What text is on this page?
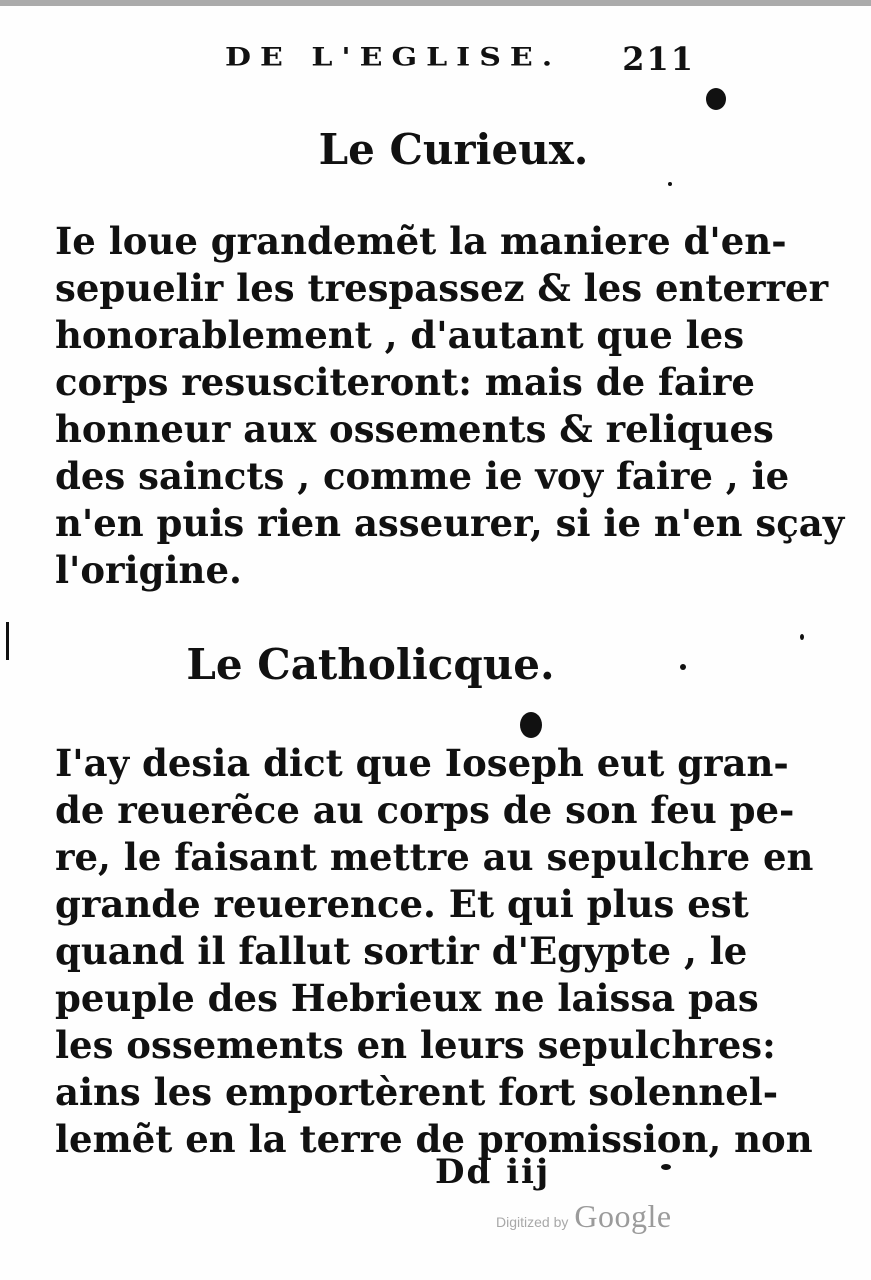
DE L'EGLISE. 211
Le Curieux.
Ie loue grandemẽt la maniere d'en-
sepuelir les trespassez & les enterrer
honorablement , d'autant que les
corps resusciteront: mais de faire
honneur aux ossements & reliques
des saincts , comme ie voy faire , ie
n'en puis rien asseurer, si ie n'en sçay
l'origine.
Le Catholicque.
I'ay desia dict que Ioseph eut gran-
de reuerẽce au corps de son feu pe-
re, le faisant mettre au sepulchre en
grande reuerence. Et qui plus est
quand il fallut sortir d'Egypte , le
peuple des Hebrieux ne laissa pas
les ossements en leurs sepulchres:
ains les emportèrent fort solennel-
lemẽt en la terre de promission, non
Dd iij
Digitized by Google
